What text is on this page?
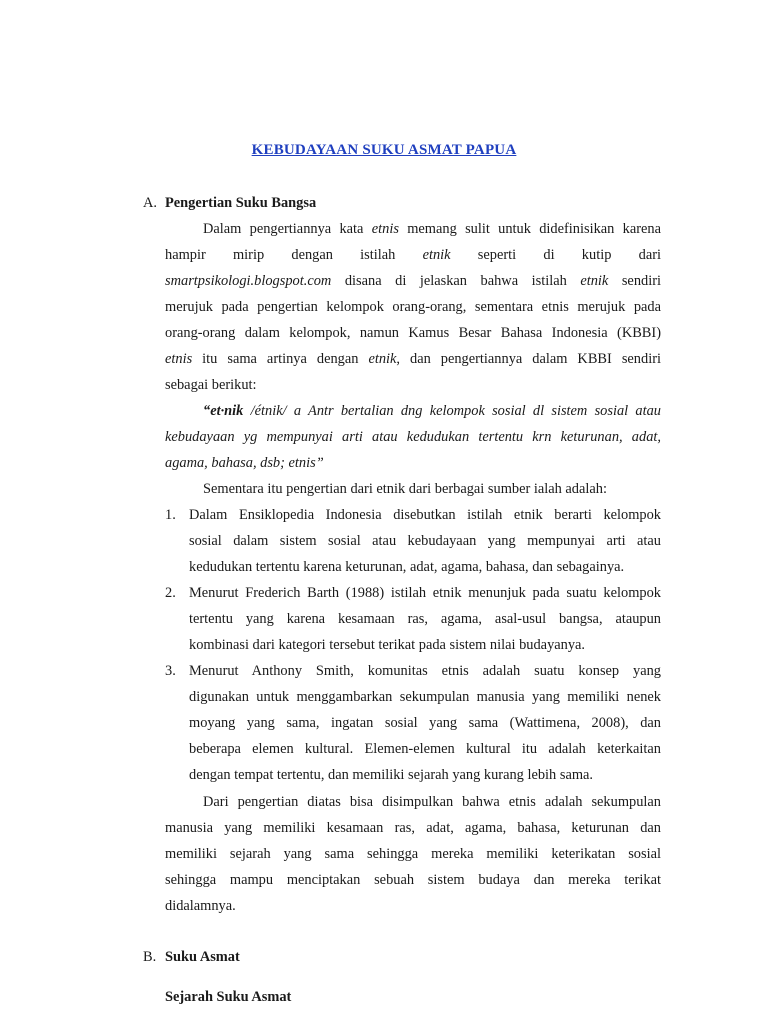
KEBUDAYAAN SUKU ASMAT PAPUA
A. Pengertian Suku Bangsa
Dalam pengertiannya kata etnis memang sulit untuk didefinisikan karena
hampir mirip dengan istilah etnik seperti di kutip dari
smartpsikologi.blogspot.com disana di jelaskan bahwa istilah etnik sendiri
merujuk pada pengertian kelompok orang-orang, sementara etnis merujuk pada
orang-orang dalam kelompok, namun Kamus Besar Bahasa Indonesia (KBBI)
etnis itu sama artinya dengan etnik, dan pengertiannya dalam KBBI sendiri
sebagai berikut:
“et·nik /étnik/ a Antr bertalian dng kelompok sosial dl sistem sosial atau
kebudayaan yg mempunyai arti atau kedudukan tertentu krn keturunan, adat,
agama, bahasa, dsb; etnis”
Sementara itu pengertian dari etnik dari berbagai sumber ialah adalah:
1. Dalam Ensiklopedia Indonesia disebutkan istilah etnik berarti kelompok
sosial dalam sistem sosial atau kebudayaan yang mempunyai arti atau
kedudukan tertentu karena keturunan, adat, agama, bahasa, dan sebagainya.
2. Menurut Frederich Barth (1988) istilah etnik menunjuk pada suatu kelompok
tertentu yang karena kesamaan ras, agama, asal-usul bangsa, ataupun
kombinasi dari kategori tersebut terikat pada sistem nilai budayanya.
3. Menurut Anthony Smith, komunitas etnis adalah suatu konsep yang
digunakan untuk menggambarkan sekumpulan manusia yang memiliki nenek
moyang yang sama, ingatan sosial yang sama (Wattimena, 2008), dan
beberapa elemen kultural. Elemen-elemen kultural itu adalah keterkaitan
dengan tempat tertentu, dan memiliki sejarah yang kurang lebih sama.
Dari pengertian diatas bisa disimpulkan bahwa etnis adalah sekumpulan
manusia yang memiliki kesamaan ras, adat, agama, bahasa, keturunan dan
memiliki sejarah yang sama sehingga mereka memiliki keterikatan sosial
sehingga mampu menciptakan sebuah sistem budaya dan mereka terikat
didalamnya.
B. Suku Asmat
Sejarah Suku Asmat
